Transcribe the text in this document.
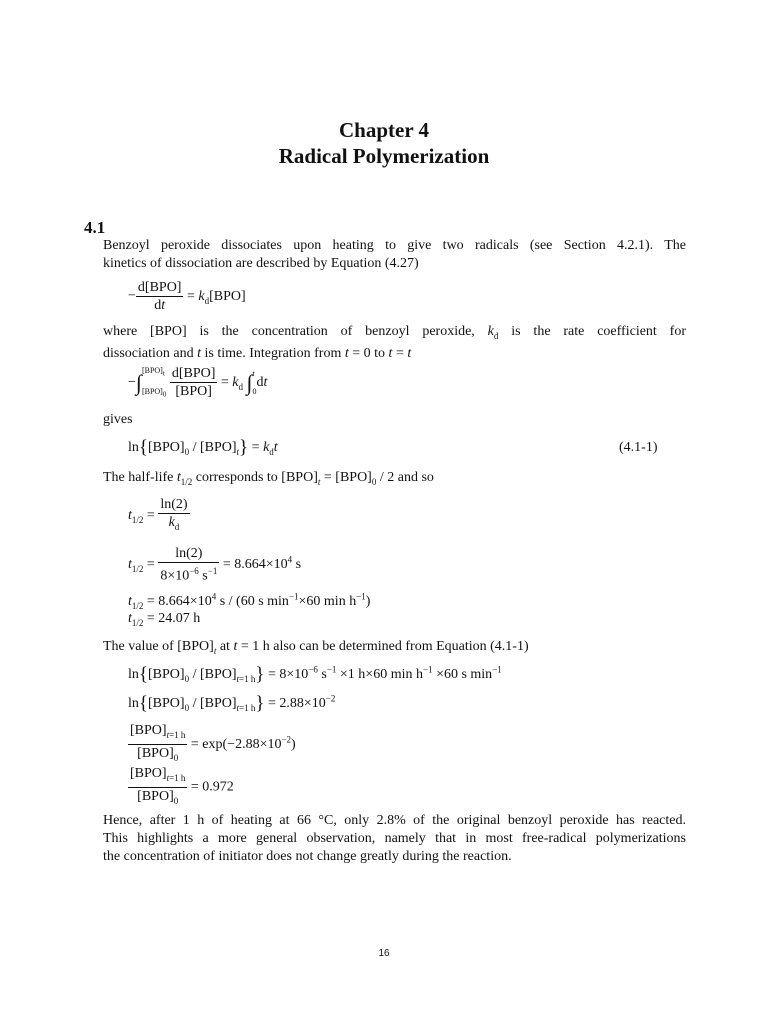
Chapter 4
Radical Polymerization
4.1
Benzoyl peroxide dissociates upon heating to give two radicals (see Section 4.2.1). The
kinetics of dissociation are described by Equation (4.27)
− $\frac{\text{d[BPO]}}{dt} = k_d[BPO]$
where [BPO] is the concentration of benzoyl peroxide, $k_d$ is the rate coefficient for
dissociation and t is time. Integration from t = 0 to t = t
−∫ $[BPO]_t$
$[BPO]_0$
$\frac{\text{d[BPO]}}{\text{[BPO]}} = k_d$ ∫ t
0
dt
gives
$\ln\{[BPO]_0 / [BPO]_t\} = k_dt$	(4.1-1)
The half-life $t_{1/2}$ corresponds to $[BPO]_t = [BPO]_0 / 2$ and so
$t_{1/2} = \frac{\ln(2)}{k_d}$
$t_{1/2} = \frac{\ln(2)}{8\times 10^{-6} s^{-1}} = 8.664\times 10^4$ s
$t_{1/2} = 8.664\times 10^4$ s / (60 s $\min^{-1}\times 60$ $\min h^{-1}$)
$t_{1/2} = 24.07$ h
The value of $[BPO]_t$ at t = 1 h also can be determined from Equation (4.1-1)
$\ln\{[BPO]_0 / [BPO]_{t=1 h}\} = 8\times 10^{-6}$ $s^{-1} \times 1$ h×60 $\min h^{-1} \times 60$ s $\min^{-1}$
$\ln\{[BPO]_0 / [BPO]_{t=1 h}\} = 2.88\times 10^{-2}$
$\frac{[BPO]_{t=1 h}}{[BPO]_0} = \exp(-2.88\times 10^{-2})$
$\frac{[BPO]_{t=1 h}}{[BPO]_0} = 0.972$
Hence, after 1 h of heating at 66 °C, only 2.8% of the original benzoyl peroxide has reacted.
This highlights a more general observation, namely that in most free-radical polymerizations
the concentration of initiator does not change greatly during the reaction.
16
